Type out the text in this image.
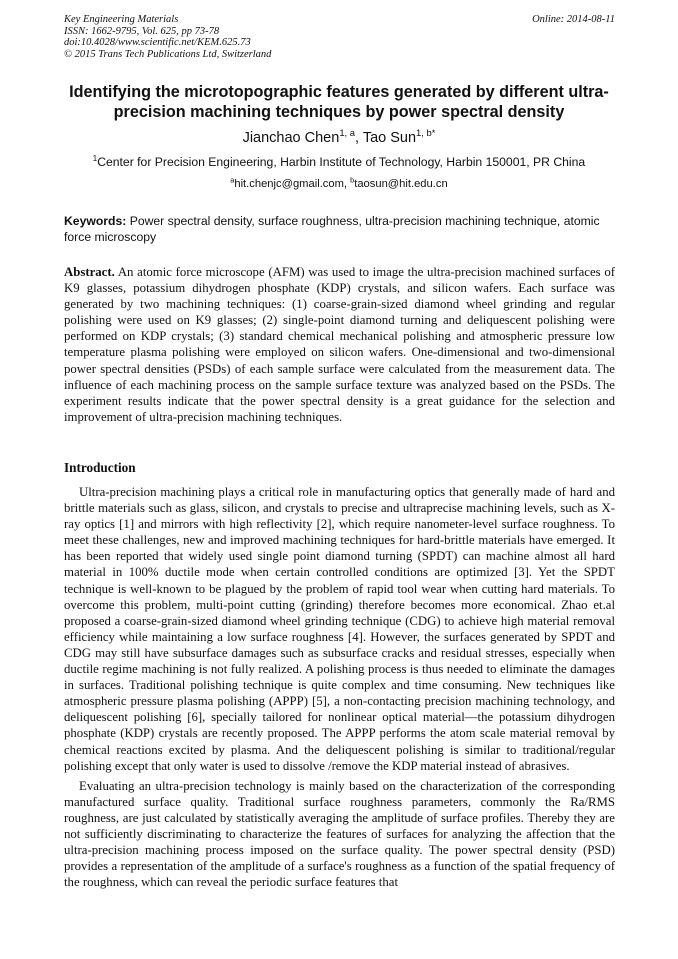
Key Engineering Materials
ISSN: 1662-9795, Vol. 625, pp 73-78
doi:10.4028/www.scientific.net/KEM.625.73
© 2015 Trans Tech Publications Ltd, Switzerland
Online: 2014-08-11
Identifying the microtopographic features generated by different ultra-precision machining techniques by power spectral density
Jianchao Chen$^{1, a}$, Tao Sun$^{1, b*}$
$^1$Center for Precision Engineering, Harbin Institute of Technology, Harbin 150001, PR China
$^a$hit.chenjc@gmail.com, $^b$taosun@hit.edu.cn
Keywords: Power spectral density, surface roughness, ultra-precision machining technique, atomic force microscopy
Abstract. An atomic force microscope (AFM) was used to image the ultra-precision machined surfaces of K9 glasses, potassium dihydrogen phosphate (KDP) crystals, and silicon wafers. Each surface was generated by two machining techniques: (1) coarse-grain-sized diamond wheel grinding and regular polishing were used on K9 glasses; (2) single-point diamond turning and deliquescent polishing were performed on KDP crystals; (3) standard chemical mechanical polishing and atmospheric pressure low temperature plasma polishing were employed on silicon wafers. One-dimensional and two-dimensional power spectral densities (PSDs) of each sample surface were calculated from the measurement data. The influence of each machining process on the sample surface texture was analyzed based on the PSDs. The experiment results indicate that the power spectral density is a great guidance for the selection and improvement of ultra-precision machining techniques.
Introduction

Ultra-precision machining plays a critical role in manufacturing optics that generally made of hard and brittle materials such as glass, silicon, and crystals to precise and ultraprecise machining levels, such as X-ray optics [1] and mirrors with high reflectivity [2], which require nanometer-level surface roughness. To meet these challenges, new and improved machining techniques for hard-brittle materials have emerged. It has been reported that widely used single point diamond turning (SPDT) can machine almost all hard material in 100% ductile mode when certain controlled conditions are optimized [3]. Yet the SPDT technique is well-known to be plagued by the problem of rapid tool wear when cutting hard materials. To overcome this problem, multi-point cutting (grinding) therefore becomes more economical. Zhao et.al proposed a coarse-grain-sized diamond wheel grinding technique (CDG) to achieve high material removal efficiency while maintaining a low surface roughness [4]. However, the surfaces generated by SPDT and CDG may still have subsurface damages such as subsurface cracks and residual stresses, especially when ductile regime machining is not fully realized. A polishing process is thus needed to eliminate the damages in surfaces. Traditional polishing technique is quite complex and time consuming. New techniques like atmospheric pressure plasma polishing (APPP) [5], a non-contacting precision machining technology, and deliquescent polishing [6], specially tailored for nonlinear optical material—the potassium dihydrogen phosphate (KDP) crystals are recently proposed. The APPP performs the atom scale material removal by chemical reactions excited by plasma. And the deliquescent polishing is similar to traditional/regular polishing except that only water is used to dissolve /remove the KDP material instead of abrasives.

Evaluating an ultra-precision technology is mainly based on the characterization of the corresponding manufactured surface quality. Traditional surface roughness parameters, commonly the Ra/RMS roughness, are just calculated by statistically averaging the amplitude of surface profiles. Thereby they are not sufficiently discriminating to characterize the features of surfaces for analyzing the affection that the ultra-precision machining process imposed on the surface quality. The power spectral density (PSD) provides a representation of the amplitude of a surface's roughness as a function of the spatial frequency of the roughness, which can reveal the periodic surface features that
